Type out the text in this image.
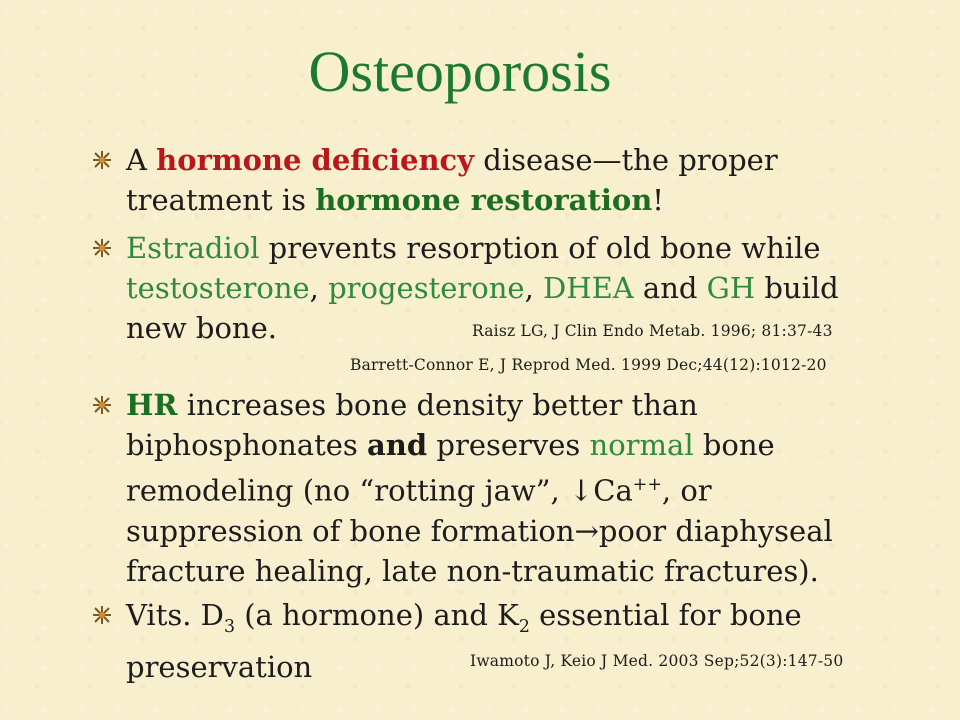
Osteoporosis
A hormone deficiency disease—the proper
treatment is hormone restoration!
Estradiol prevents resorption of old bone while
testosterone, progesterone, DHEA and GH build
new bone.	Raisz LG, J Clin Endo Metab. 1996; 81:37-43
Barrett-Connor E, J Reprod Med. 1999 Dec;44(12):1012-20
HR increases bone density better than
biphosphonates and preserves normal bone
remodeling (no “rotting jaw”, ↓Ca++, or
suppression of bone formation→poor diaphyseal
fracture healing, late non-traumatic fractures).
Vits. $D_3$ (a hormone) and $K_2$ essential for bone
preservation	Iwamoto J, Keio J Med. 2003 Sep;52(3):147-50
